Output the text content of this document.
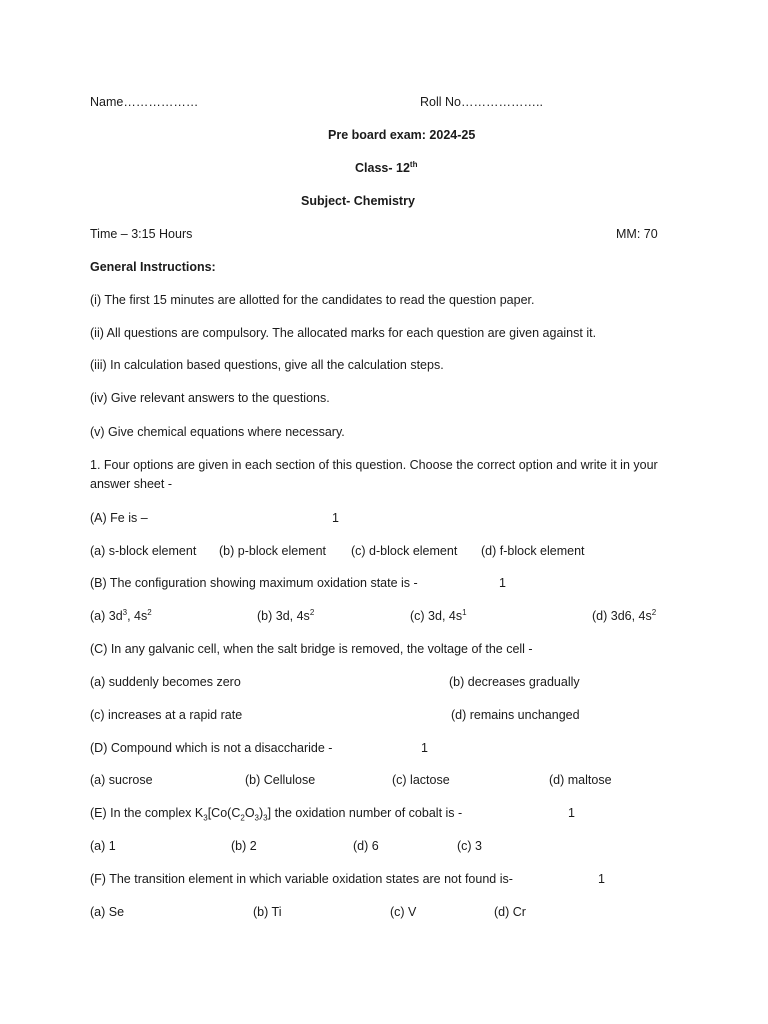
Name………………	Roll No………………..
Pre board exam: 2024-25
Class- 12th
Subject- Chemistry
Time – 3:15 Hours	MM: 70
General Instructions:
(i) The first 15 minutes are allotted for the candidates to read the question paper.
(ii) All questions are compulsory. The allocated marks for each question are given against it.
(iii) In calculation based questions, give all the calculation steps.
(iv) Give relevant answers to the questions.
(v) Give chemical equations where necessary.
1. Four options are given in each section of this question. Choose the correct option and write it in your
answer sheet -
(A) Fe is –	1
(a) s-block element (b) p-block element (c) d-block element (d) f-block element
(B) The configuration showing maximum oxidation state is -	1
(a) $3d^3$, $4s^2$	(b) 3d, $4s^2$	(c) 3d, $4s^1$	(d) 3d6, $4s^2$
(C) In any galvanic cell, when the salt bridge is removed, the voltage of the cell -
(a) suddenly becomes zero	(b) decreases gradually
(c) increases at a rapid rate	(d) remains unchanged
(D) Compound which is not a disaccharide -	1
(a) sucrose	(b) Cellulose	(c) lactose	(d) maltose
(E) In the complex $K_3[Co(C_2O_3)_3]$ the oxidation number of cobalt is -	1
(a) 1	(b) 2	(d) 6	(c) 3
(F) The transition element in which variable oxidation states are not found is-	1
(a) Se	(b) Ti	(c) V	(d) Cr
